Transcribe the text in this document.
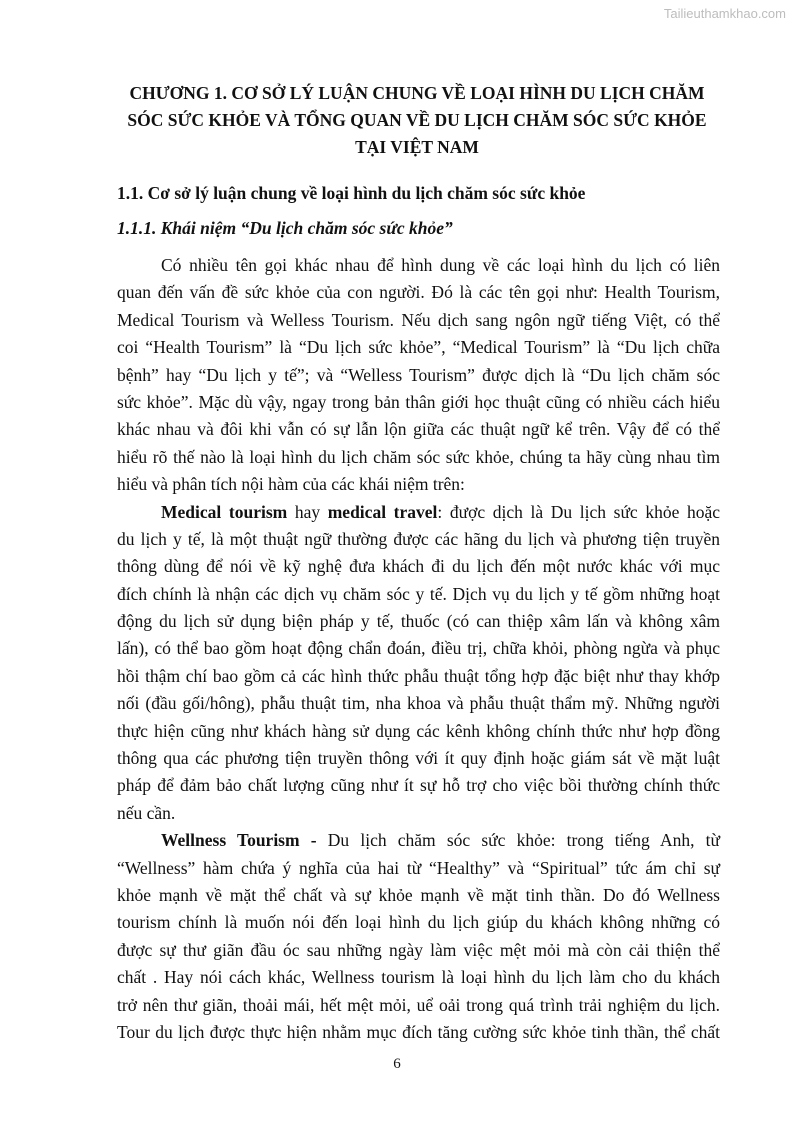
Tailieuthamkhao.com
CHƯƠNG 1. CƠ SỞ LÝ LUẬN CHUNG VỀ LOẠI HÌNH DU LỊCH CHĂM
SÓC SỨC KHỎE VÀ TỔNG QUAN VỀ DU LỊCH CHĂM SÓC SỨC KHỎE
TẠI VIỆT NAM
1.1. Cơ sở lý luận chung về loại hình du lịch chăm sóc sức khỏe
1.1.1. Khái niệm “Du lịch chăm sóc sức khỏe”
Có nhiều tên gọi khác nhau để hình dung về các loại hình du lịch có liên
quan đến vấn đề sức khỏe của con người. Đó là các tên gọi như: Health Tourism,
Medical Tourism và Welless Tourism. Nếu dịch sang ngôn ngữ tiếng Việt, có thể
coi “Health Tourism” là “Du lịch sức khỏe”, “Medical Tourism” là “Du lịch chữa
bệnh” hay “Du lịch y tế”; và “Welless Tourism” được dịch là “Du lịch chăm sóc
sức khỏe”. Mặc dù vậy, ngay trong bản thân giới học thuật cũng có nhiều cách hiểu
khác nhau và đôi khi vẫn có sự lẫn lộn giữa các thuật ngữ kể trên. Vậy để có thể
hiểu rõ thế nào là loại hình du lịch chăm sóc sức khỏe, chúng ta hãy cùng nhau tìm
hiểu và phân tích nội hàm của các khái niệm trên:
Medical tourism hay medical travel: được dịch là Du lịch sức khỏe hoặc
du lịch y tế, là một thuật ngữ thường được các hãng du lịch và phương tiện truyền
thông dùng để nói về kỹ nghệ đưa khách đi du lịch đến một nước khác với mục
đích chính là nhận các dịch vụ chăm sóc y tế. Dịch vụ du lịch y tế gồm những hoạt
động du lịch sử dụng biện pháp y tế, thuốc (có can thiệp xâm lấn và không xâm
lấn), có thể bao gồm hoạt động chẩn đoán, điều trị, chữa khỏi, phòng ngừa và phục
hồi thậm chí bao gồm cả các hình thức phẫu thuật tổng hợp đặc biệt như thay khớp
nối (đầu gối/hông), phẫu thuật tim, nha khoa và phẫu thuật thẩm mỹ. Những người
thực hiện cũng như khách hàng sử dụng các kênh không chính thức như hợp đồng
thông qua các phương tiện truyền thông với ít quy định hoặc giám sát về mặt luật
pháp để đảm bảo chất lượng cũng như ít sự hỗ trợ cho việc bồi thường chính thức
nếu cần.
Wellness Tourism - Du lịch chăm sóc sức khỏe: trong tiếng Anh, từ
“Wellness” hàm chứa ý nghĩa của hai từ “Healthy” và “Spiritual” tức ám chỉ sự
khỏe mạnh về mặt thể chất và sự khỏe mạnh về mặt tinh thần. Do đó Wellness
tourism chính là muốn nói đến loại hình du lịch giúp du khách không những có
được sự thư giãn đầu óc sau những ngày làm việc mệt mỏi mà còn cải thiện thể
chất . Hay nói cách khác, Wellness tourism là loại hình du lịch làm cho du khách
trở nên thư giãn, thoải mái, hết mệt mỏi, uể oải trong quá trình trải nghiệm du lịch.
Tour du lịch được thực hiện nhằm mục đích tăng cường sức khỏe tinh thần, thể chất
6
